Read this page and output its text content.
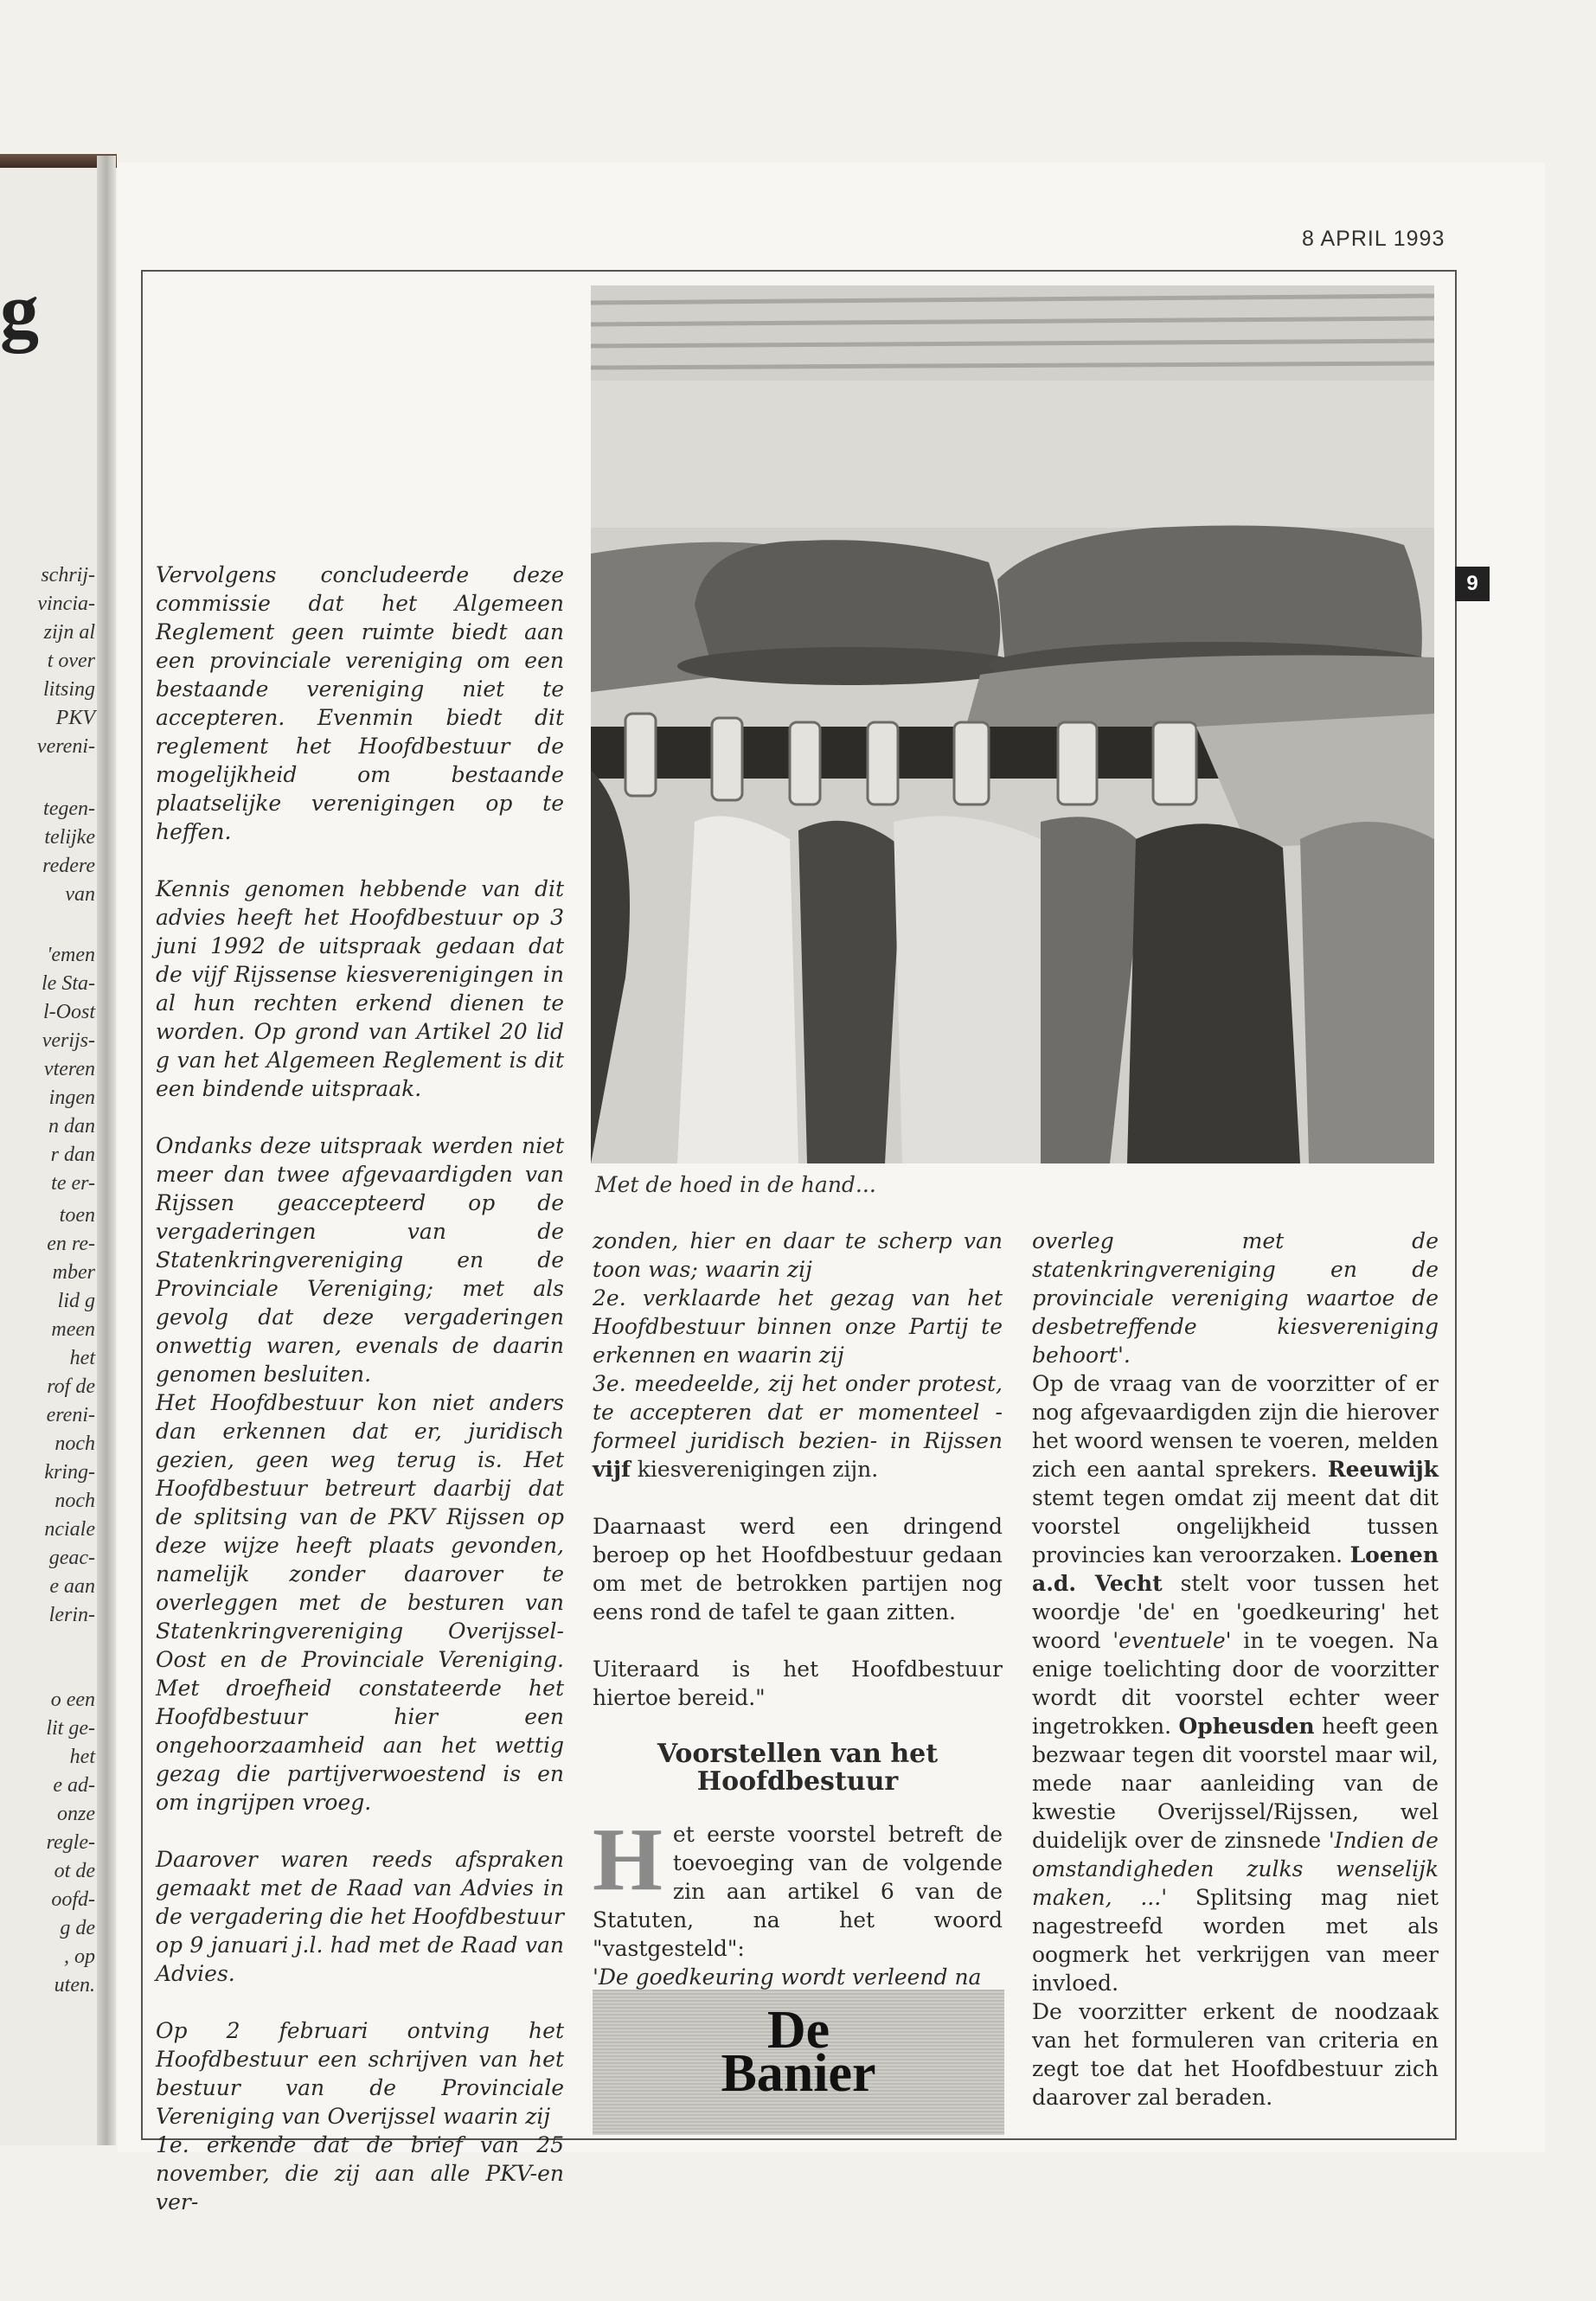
g
schrij-
vincia-
zijn al
t over
litsing
PKV
vereni-
tegen-
telijke
redere
van
'emen
le Sta-
l-Oost
verijs-
vteren
ingen
n dan
r dan
te er-
toen
en re-
mber
lid g
meen
het
rof de
ereni-
noch
kring-
noch
nciale
geac-
e aan
lerin-
o een
lit ge-
het
e ad-
onze
regle-
ot de
oofd-
g de
, op
uten.
8 APRIL 1993
9

Vervolgens concludeerde deze commissie dat het Algemeen Reglement geen ruimte biedt aan een provinciale vereniging om een bestaande vereniging niet te accepteren. Evenmin biedt dit reglement het Hoofdbestuur de mogelijkheid om bestaande plaatselijke verenigingen op te heffen.

Kennis genomen hebbende van dit advies heeft het Hoofdbestuur op 3 juni 1992 de uitspraak gedaan dat de vijf Rijssense kiesverenigingen in al hun rechten erkend dienen te worden. Op grond van Artikel 20 lid g van het Algemeen Reglement is dit een bindende uitspraak.

Ondanks deze uitspraak werden niet meer dan twee afgevaardigden van Rijssen geaccepteerd op de vergaderingen van de Statenkringvereniging en de Provinciale Vereniging; met als gevolg dat deze vergaderingen onwettig waren, evenals de daarin genomen besluiten.

Het Hoofdbestuur kon niet anders dan erkennen dat er, juridisch gezien, geen weg terug is. Het Hoofdbestuur betreurt daarbij dat de splitsing van de PKV Rijssen op deze wijze heeft plaats gevonden, namelijk zonder daarover te overleggen met de besturen van Statenkringvereniging Overijssel-Oost en de Provinciale Vereniging. Met droefheid constateerde het Hoofdbestuur hier een ongehoorzaamheid aan het wettig gezag die partijverwoestend is en om ingrijpen vroeg.

Daarover waren reeds afspraken gemaakt met de Raad van Advies in de vergadering die het Hoofdbestuur op 9 januari j.l. had met de Raad van Advies.

Op 2 februari ontving het Hoofdbestuur een schrijven van het bestuur van de Provinciale Vereniging van Overijssel waarin zij

1e. erkende dat de brief van 25 november, die zij aan alle PKV-en ver-

Met de hoed in de hand...

zonden, hier en daar te scherp van toon was; waarin zij

2e. verklaarde het gezag van het Hoofdbestuur binnen onze Partij te erkennen en waarin zij

3e. meedeelde, zij het onder protest, te accepteren dat er momenteel -formeel juridisch bezien- in Rijssen vijf kiesverenigingen zijn.

Daarnaast werd een dringend beroep op het Hoofdbestuur gedaan om met de betrokken partijen nog eens rond de tafel te gaan zitten.

Uiteraard is het Hoofdbestuur hiertoe bereid."

Voorstellen van het Hoofdbestuur

Het eerste voorstel betreft de toevoeging van de volgende zin aan artikel 6 van de Statuten, na het woord "vastgesteld":

'De goedkeuring wordt verleend na

De
Banier

overleg met de statenkringvereniging en de provinciale vereniging waartoe de desbetreffende kiesvereniging behoort'.

Op de vraag van de voorzitter of er nog afgevaardigden zijn die hierover het woord wensen te voeren, melden zich een aantal sprekers. Reeuwijk stemt tegen omdat zij meent dat dit voorstel ongelijkheid tussen provincies kan veroorzaken. Loenen a.d. Vecht stelt voor tussen het woordje 'de' en 'goedkeuring' het woord 'eventuele' in te voegen. Na enige toelichting door de voorzitter wordt dit voorstel echter weer ingetrokken. Opheusden heeft geen bezwaar tegen dit voorstel maar wil, mede naar aanleiding van de kwestie Overijssel/Rijssen, wel duidelijk over de zinsnede 'Indien de omstandigheden zulks wenselijk maken, ...' Splitsing mag niet nagestreefd worden met als oogmerk het verkrijgen van meer invloed.

De voorzitter erkent de noodzaak van het formuleren van criteria en zegt toe dat het Hoofdbestuur zich daarover zal beraden.
